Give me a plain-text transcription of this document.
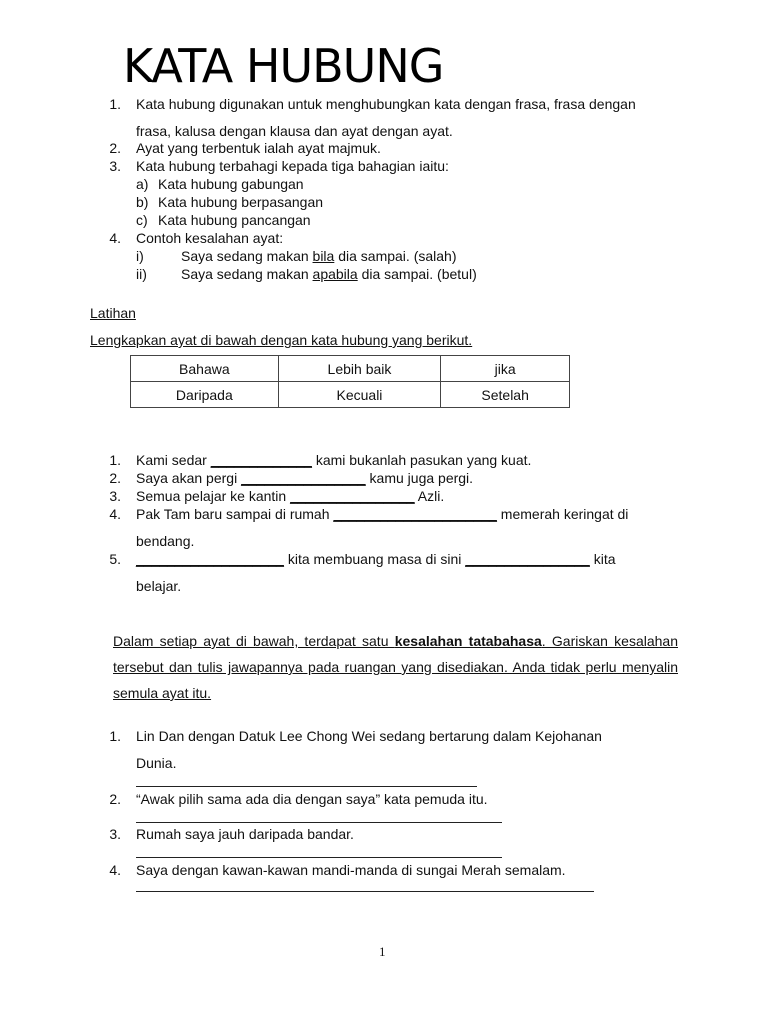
KATA HUBUNG
1. Kata hubung digunakan untuk menghubungkan kata dengan frasa, frasa dengan
frasa, kalusa dengan klausa dan ayat dengan ayat.
2. Ayat yang terbentuk ialah ayat majmuk.
3. Kata hubung terbahagi kepada tiga bahagian iaitu:
a) Kata hubung gabungan
b) Kata hubung berpasangan
c) Kata hubung pancangan
4. Contoh kesalahan ayat:
i)	Saya sedang makan bila dia sampai. (salah)
ii) Saya sedang makan apabila dia sampai. (betul)
Latihan
Lengkapkan ayat di bawah dengan kata hubung yang berikut.
Bahawa	Lebih baik	jika
Daripada	Kecuali	Setelah
1. Kami sedar _____________ kami bukanlah pasukan yang kuat.
2. Saya akan pergi ________________ kamu juga pergi.
3. Semua pelajar ke kantin ________________ Azli.
4. Pak Tam baru sampai di rumah _____________________ memerah keringat di
bendang.
5. ___________________ kita membuang masa di sini ________________ kita
belajar.
Dalam setiap ayat di bawah, terdapat satu kesalahan tatabahasa. Gariskan kesalahan tersebut dan tulis jawapannya pada ruangan yang disediakan. Anda tidak perlu menyalin semula ayat itu.
1. Lin Dan dengan Datuk Lee Chong Wei sedang bertarung dalam Kejohanan
Dunia.
2. “Awak pilih sama ada dia dengan saya” kata pemuda itu.
3. Rumah saya jauh daripada bandar.
4. Saya dengan kawan-kawan mandi-manda di sungai Merah semalam.
1
